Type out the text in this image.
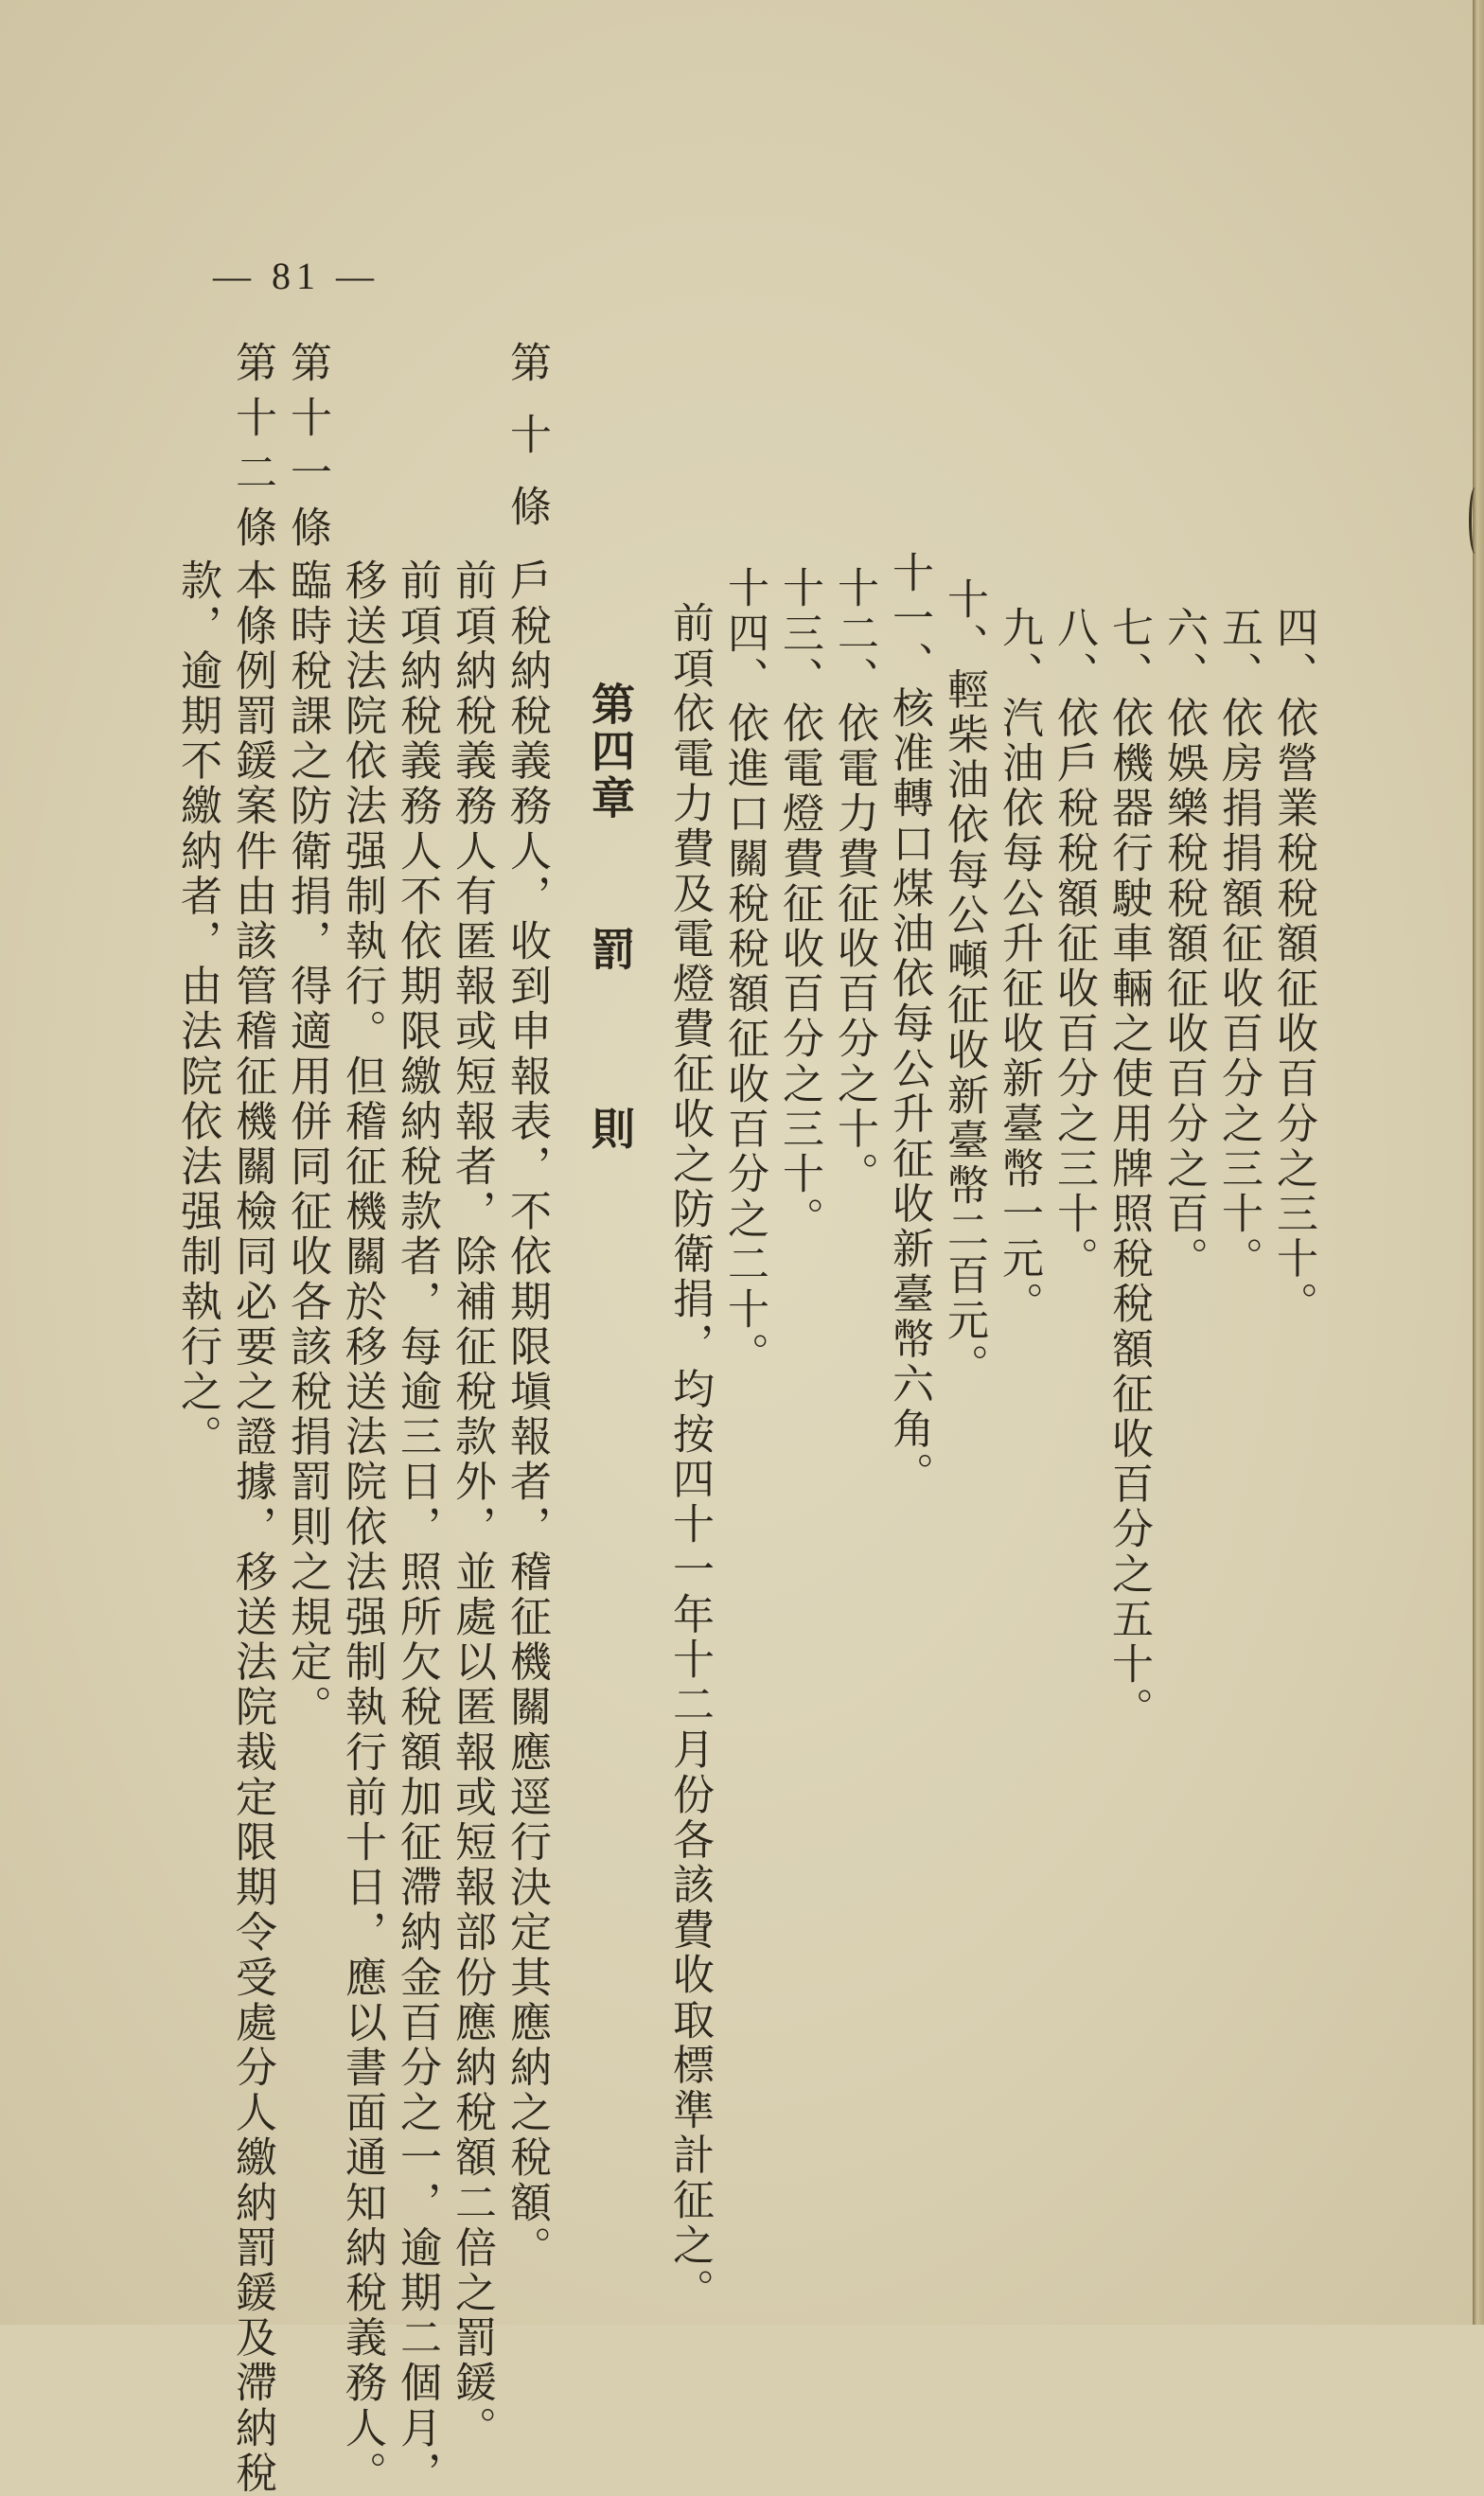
四、依營業稅稅額征收百分之三十。
五、依房捐捐額征收百分之三十。
六、依娛樂稅稅額征收百分之百。
七、依機器行駛車輛之使用牌照稅稅額征收百分之五十。
八、依戶稅稅額征收百分之三十。
九、汽油依每公升征收新臺幣一元。
十、輕柴油依每公噸征收新臺幣二百元。
十一、核准轉口煤油依每公升征收新臺幣六角。
十二、依電力費征收百分之十。
十三、依電燈費征收百分之三十。
十四、依進口關稅稅額征收百分之二十。
前項依電力費及電燈費征收之防衛捐，均按四十一年十二月份各該費收取標準計征之。
第四章罰則
第十條
戶稅納稅義務人，收到申報表，不依期限塡報者，稽征機關應逕行決定其應納之稅額。
前項納稅義務人有匿報或短報者，除補征稅款外，並處以匿報或短報部份應納稅額二倍之罰鍰。
前項納稅義務人不依期限繳納稅款者，每逾三日，照所欠稅額加征滯納金百分之一，逾期二個月，
移送法院依法强制執行。但稽征機關於移送法院依法强制執行前十日，應以書面通知納稅義務人。
第十一條
臨時稅課之防衛捐，得適用併同征收各該稅捐罰則之規定。
第十二條
本條例罰鍰案件由該管稽征機關檢同必要之證據，移送法院裁定限期令受處分人繳納罰鍰及滯納稅
款，逾期不繳納者，由法院依法强制執行之。
— 81 —
